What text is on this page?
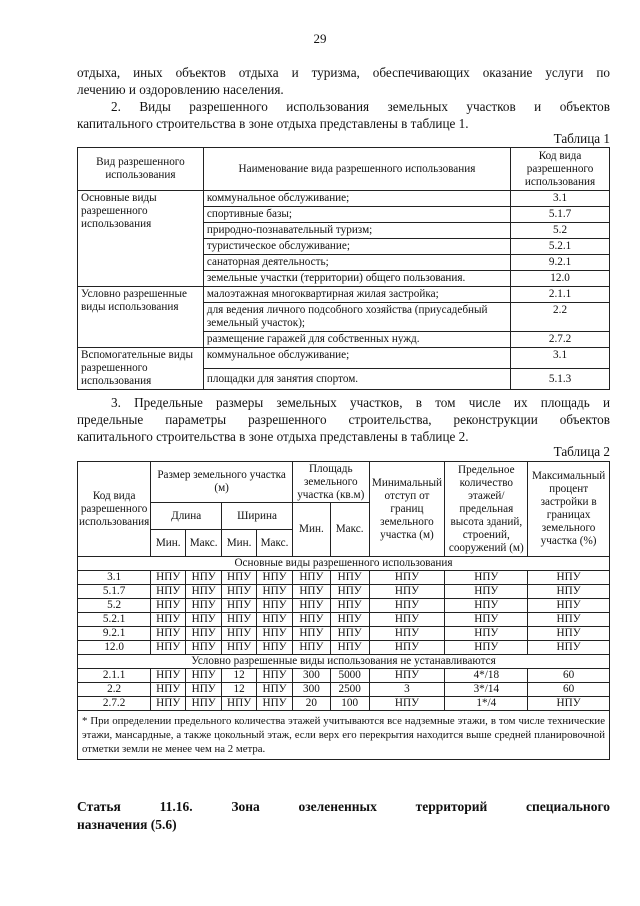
29
отдыха, иных объектов отдыха и туризма, обеспечивающих оказание услуги по
лечению и оздоровлению населения.
2. Виды разрешенного использования земельных участков и объектов
капитального строительства в зоне отдыха представлены в таблице 1.
Таблица 1
Вид разрешенного использования	Наименование вида разрешенного использования	Код вида разрешенного использования
Основные виды разрешенного использования	коммунальное обслуживание;	3.1
	спортивные базы;	5.1.7
	природно-познавательный туризм;	5.2
	туристическое обслуживание;	5.2.1
	санаторная деятельность;	9.2.1
	земельные участки (территории) общего пользования.	12.0
Условно разрешенные виды использования	малоэтажная многоквартирная жилая застройка;	2.1.1
	для ведения личного подсобного хозяйства (приусадебный земельный участок);	2.2
	размещение гаражей для собственных нужд.	2.7.2
Вспомогательные виды разрешенного использования	коммунальное обслуживание;	3.1
	площадки для занятия спортом.	5.1.3
3. Предельные размеры земельных участков, в том числе их площадь и
предельные параметры разрешенного строительства, реконструкции объектов
капитального строительства в зоне отдыха представлены в таблице 2.
Таблица 2
Код вида разрешенного использования	Размер земельного участка (м)				Площадь земельного участка (кв.м)		Минимальный отступ от границ земельного участка (м)	Предельное количество этажей/ предельная высота зданий, строений, сооружений (м)	Максимальный процент застройки в границах земельного участка (%)
	Длина		Ширина		Мин.	Макс.			
	Мин.	Макс.	Мин.	Макс.					
Основные виды разрешенного использования									
3.1	НПУ	НПУ	НПУ	НПУ	НПУ	НПУ	НПУ	НПУ	НПУ
5.1.7	НПУ	НПУ	НПУ	НПУ	НПУ	НПУ	НПУ	НПУ	НПУ
5.2	НПУ	НПУ	НПУ	НПУ	НПУ	НПУ	НПУ	НПУ	НПУ
5.2.1	НПУ	НПУ	НПУ	НПУ	НПУ	НПУ	НПУ	НПУ	НПУ
9.2.1	НПУ	НПУ	НПУ	НПУ	НПУ	НПУ	НПУ	НПУ	НПУ
12.0	НПУ	НПУ	НПУ	НПУ	НПУ	НПУ	НПУ	НПУ	НПУ
Условно разрешенные виды использования не устанавливаются									
2.1.1	НПУ	НПУ	12	НПУ	300	5000	НПУ	4*/18	60
2.2	НПУ	НПУ	12	НПУ	300	2500	3	3*/14	60
2.7.2	НПУ	НПУ	НПУ	НПУ	20	100	НПУ	1*/4	НПУ
* При определении предельного количества этажей учитываются все надземные этажи, в том числе технические этажи, мансардные, а также цокольный этаж, если верх его перекрытия находится выше средней планировочной отметки земли не менее чем на 2 метра.									
Статья 11.16. Зона озелененных территорий специального
назначения (5.6)
